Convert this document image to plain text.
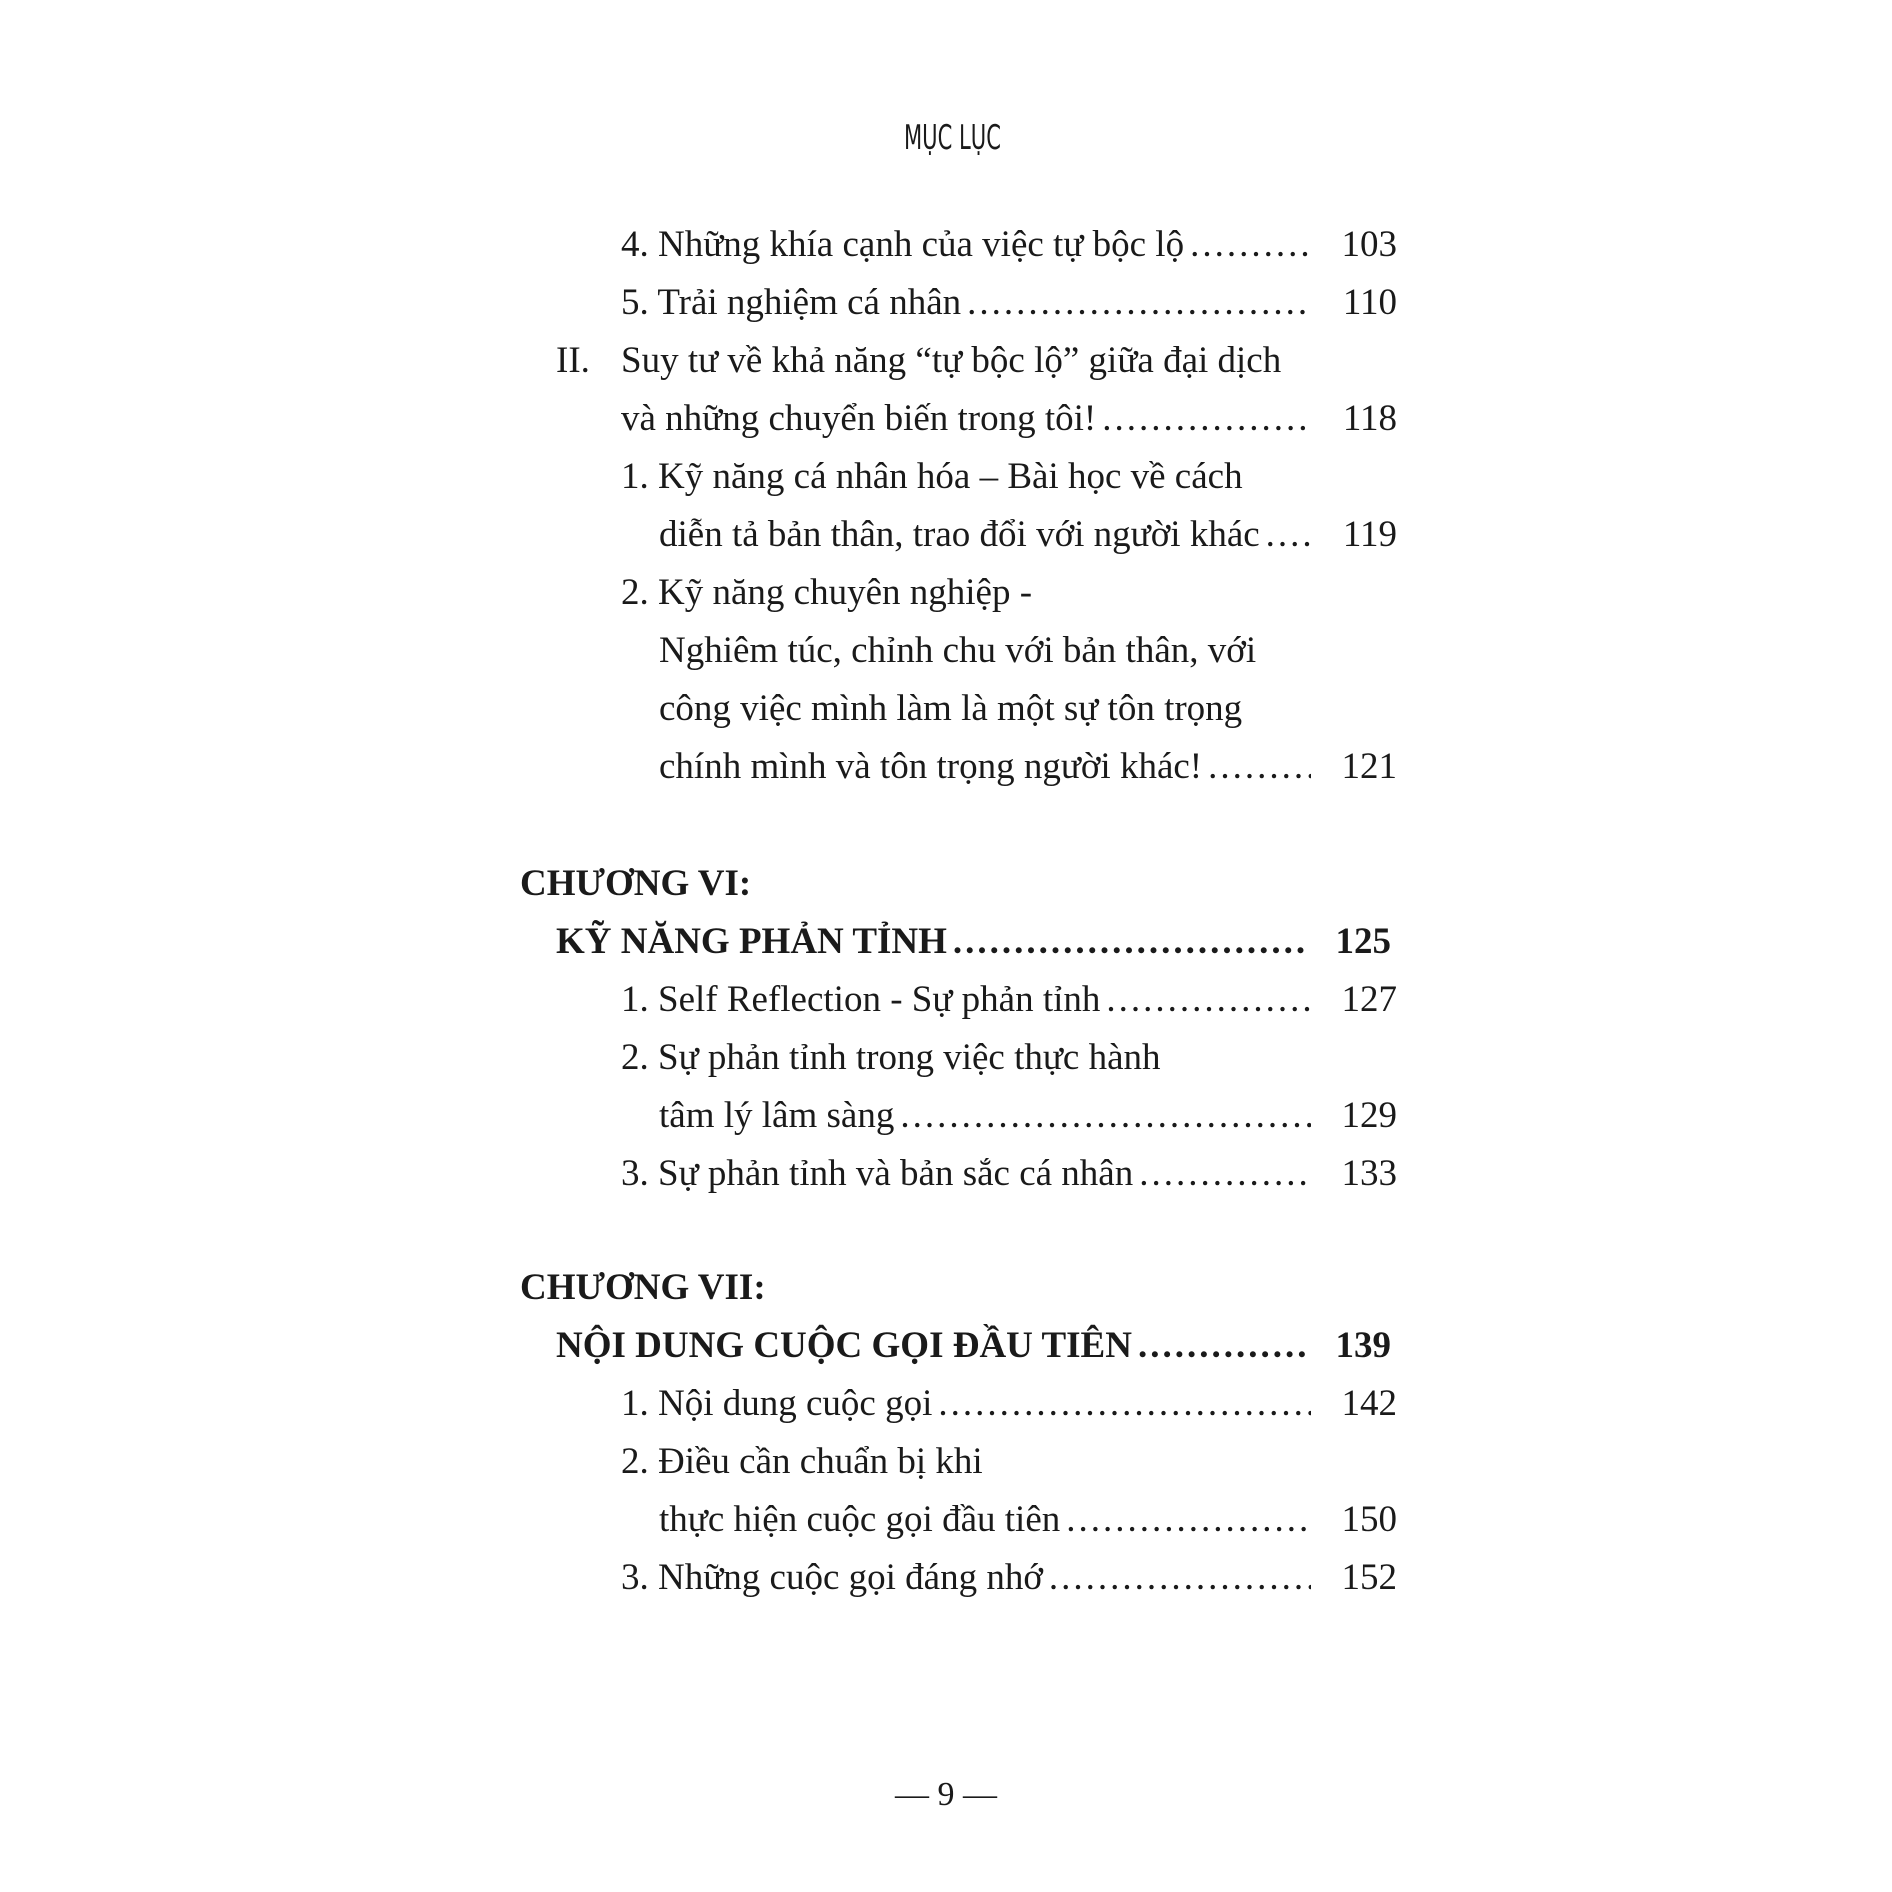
MỤC LỤC
4. Những khía cạnh của việc tự bộc lộ .....	103
5. Trải nghiệm cá nhân .....	110
II. Suy tư về khả năng “tự bộc lộ” giữa đại dịch
và những chuyển biến trong tôi! .....	118
1. Kỹ năng cá nhân hóa – Bài học về cách
diễn tả bản thân, trao đổi với người khác .....	119
2. Kỹ năng chuyên nghiệp -
Nghiêm túc, chỉnh chu với bản thân, với
công việc mình làm là một sự tôn trọng
chính mình và tôn trọng người khác! .....	121
CHƯƠNG VI:
KỸ NĂNG PHẢN TỈNH .....	125
1. Self Reflection - Sự phản tỉnh .....	127
2. Sự phản tỉnh trong việc thực hành
tâm lý lâm sàng .....	129
3. Sự phản tỉnh và bản sắc cá nhân .....	133
CHƯƠNG VII:
NỘI DUNG CUỘC GỌI ĐẦU TIÊN .....	139
1. Nội dung cuộc gọi .....	142
2. Điều cần chuẩn bị khi
thực hiện cuộc gọi đầu tiên .....	150
3. Những cuộc gọi đáng nhớ .....	152
— 9 —
